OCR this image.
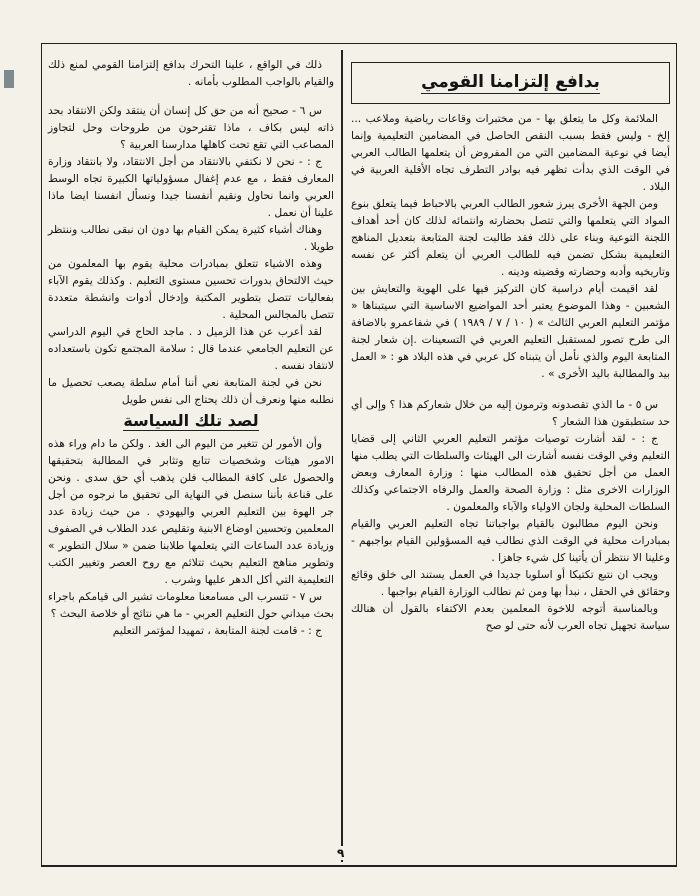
بدافع إلتزامنا القومي

الملائمة وكل ما يتعلق بها - من مختبرات وقاعات رياضية وملاعب ... إلخ - وليس فقط بسبب النقص الحاصل في المضامين التعليمية وإنما أيضا في نوعية المضامين التي من المفروض أن يتعلمها الطالب العربي في الوقت الذي بدأت تظهر فيه بوادر التطرف تجاه الأقلية العربية في البلاد .

ومن الجهة الأخرى يبرز شعور الطالب العربي بالاحباط فيما يتعلق بنوع المواد التي يتعلمها والتي تتصل بحضارته وانتمائه لذلك كان أحد أهداف اللجنة التوعية وبناء على ذلك فقد طالبت لجنة المتابعة بتعديل المناهج التعليمية بشكل تضمن فيه للطالب العربي أن يتعلم أكثر عن نفسه وتاريخيه وأدبه وحضارته وقضيته ودينه .

لقد اقيمت أيام دراسية كان التركيز فيها على الهوية والتعايش بين الشعبين - وهذا الموضوع يعتبر أحد المواضيع الاساسية التي سيتبناها « مؤتمر التعليم العربي الثالث » ( ١٠ / ٧ / ١٩٨٩ ) في شفاعمرو بالاضافة الى طرح تصور لمستقبل التعليم العربي في التسعينات .إن شعار لجنة المتابعة اليوم والذي نأمل أن يتبناه كل عربي في هذه البلاد هو : « العمل بيد والمطالبة باليد الأخرى » .

س ٥ - ما الذي تقصدونه وترمون إليه من خلال شعاركم هذا ؟ وإلى أي حد ستطبقون هذا الشعار ؟

ج : - لقد أشارت توصيات مؤتمر التعليم العربي الثاني إلى قضايا التعليم وفي الوقت نفسه أشارت الى الهيئات والسلطات التي يطلب منها العمل من أجل تحقيق هذه المطالب منها : وزارة المعارف وبعض الوزارات الاخرى مثل : وزارة الصحة والعمل والرفاه الاجتماعي وكذلك السلطات المحلية ولجان الاولياء والآباء والمعلمون .

ونحن اليوم مطالبون بالقيام بواجباتنا تجاه التعليم العربي والقيام بمبادرات محلية في الوقت الذي نطالب فيه المسؤولين القيام بواجبهم - وعلينا الا ننتظر أن يأتينا كل شيء جاهزا .

ويجب ان نتبع تكتيكا أو اسلوبا جديدا في العمل يستند الى خلق وقائع وحقائق في الحقل ، نبدأ بها ومن ثم نطالب الوزارة القيام بواجبها .

وبالمناسبة أتوجه للاخوة المعلمين بعدم الاكتفاء بالقول أن هنالك سياسة تجهيل تجاه العرب لأنه حتى لو صح

ذلك في الواقع ، علينا التحرك بدافع إلتزامنا القومي لمنع ذلك والقيام بالواجب المطلوب بأمانه .

س ٦ - صحيح أنه من حق كل إنسان أن ينتقد ولكن الانتقاد بحد ذاته ليس بكاف ، ماذا تقترحون من طروحات وحل لتجاوز المصاعب التي تقع تحت كاهلها مدارسنا العربية ؟

ج : - نحن لا نكتفي بالانتقاد من أجل الانتقاد، ولا بانتقاد وزارة المعارف فقط ، مع عدم إغفال مسؤولياتها الكبيرة تجاه الوسط العربي وانما نحاول ونقيم أنفسنا جيدا ونسأل انفسنا ايضا ماذا علينا أن نعمل .

وهناك أشياء كثيرة يمكن القيام بها دون ان نبقى نطالب وننتظر طويلا .

وهذه الاشياء تتعلق بمبادرات محلية يقوم بها المعلمون من حيث الالتحاق بدورات تحسين مستوى التعليم . وكذلك يقوم الآباء بفعاليات تتصل بتطوير المكتبة وإدخال أدوات وانشطة متعددة تتصل بالمجالس المحلية .

لقد أعرب عن هذا الزميل د . ماجد الحاج في اليوم الدراسي عن التعليم الجامعي عندما قال : سلامة المجتمع تكون باستعداده لانتقاد نفسه .

نحن في لجنة المتابعة نعي أننا أمام سلطة يصعب تحصيل ما نطلبه منها ونعرف أن ذلك يحتاج الى نفس طويل

لصد تلك السياسة

وأن الأمور لن تتغير من اليوم الى الغد . ولكن ما دام وراء هذه الامور هيئات وشخصيات تتابع وتثابر في المطالبة بتحقيقها والحصول على كافة المطالب فلن يذهب أي حق سدى . ونحن على قناعة بأننا سنصل في النهاية الى تحقيق ما نرجوه من أجل جر الهوة بين التعليم العربي واليهودي . من حيث زيادة عدد المعلمين وتحسين اوضاع الابنية وتقليص عدد الطلاب في الصفوف وزيادة عدد الساعات التي يتعلمها طلابنا ضمن « سلال التطوير » وتطوير مناهج التعليم بحيث تتلائم مع روح العصر وتغيير الكتب التعليمية التي أكل الدهر عليها وشرب .

س ٧ - تتسرب الى مسامعنا معلومات تشير الى قيامكم باجراء بحث ميداني حول التعليم العربي - ما هي نتائج أو خلاصة البحث ؟

ج : - قامت لجنة المتابعة ، تمهيدا لمؤتمر التعليم

٩
